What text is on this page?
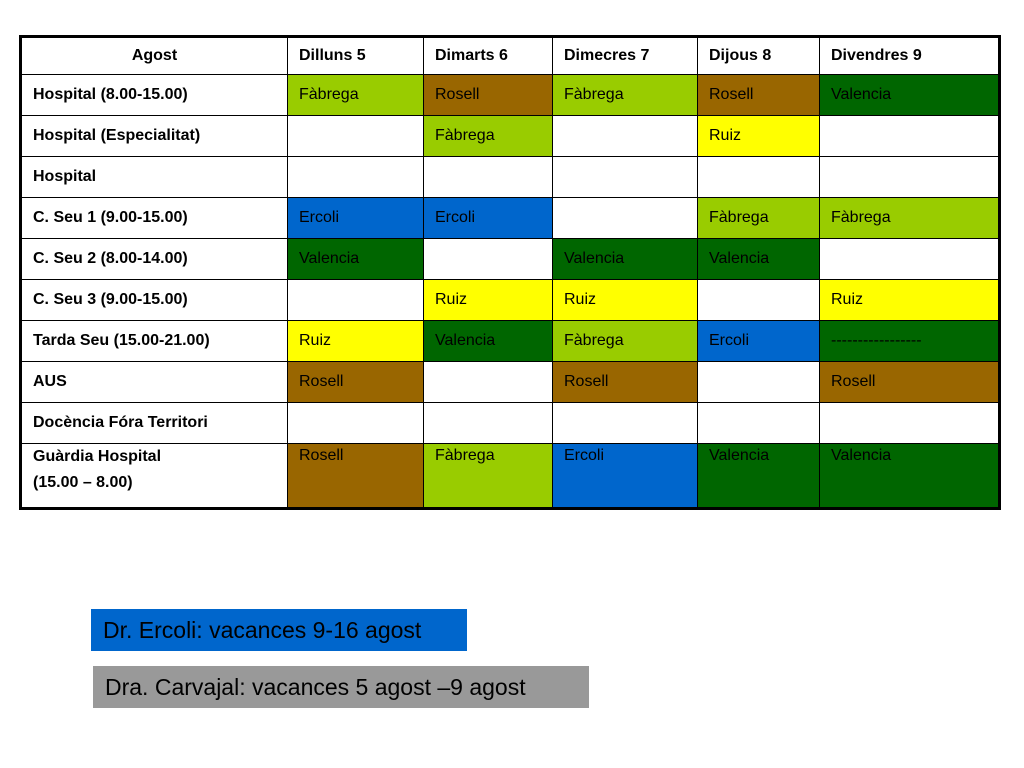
Agost	Dilluns 5	Dimarts 6	Dimecres 7	Dijous 8	Divendres 9

Hospital (8.00-15.00)	Fàbrega	Rosell	Fàbrega	Rosell	Valencia

Hospital (Especialitat)		Fàbrega		Ruiz	

Hospital					

C. Seu 1 (9.00-15.00)	Ercoli	Ercoli		Fàbrega	Fàbrega

C. Seu 2 (8.00-14.00)	Valencia		Valencia	Valencia	

C. Seu 3 (9.00-15.00)		Ruiz	Ruiz		Ruiz

Tarda Seu (15.00-21.00)	Ruiz	Valencia	Fàbrega	Ercoli	-----------------

AUS	Rosell		Rosell		Rosell

Docència Fóra Territori					

Guàrdia Hospital
(15.00 – 8.00)	Rosell	Fàbrega	Ercoli	Valencia	Valencia
Dr. Ercoli: vacances 9-16 agost
Dra. Carvajal: vacances 5 agost –9 agost
